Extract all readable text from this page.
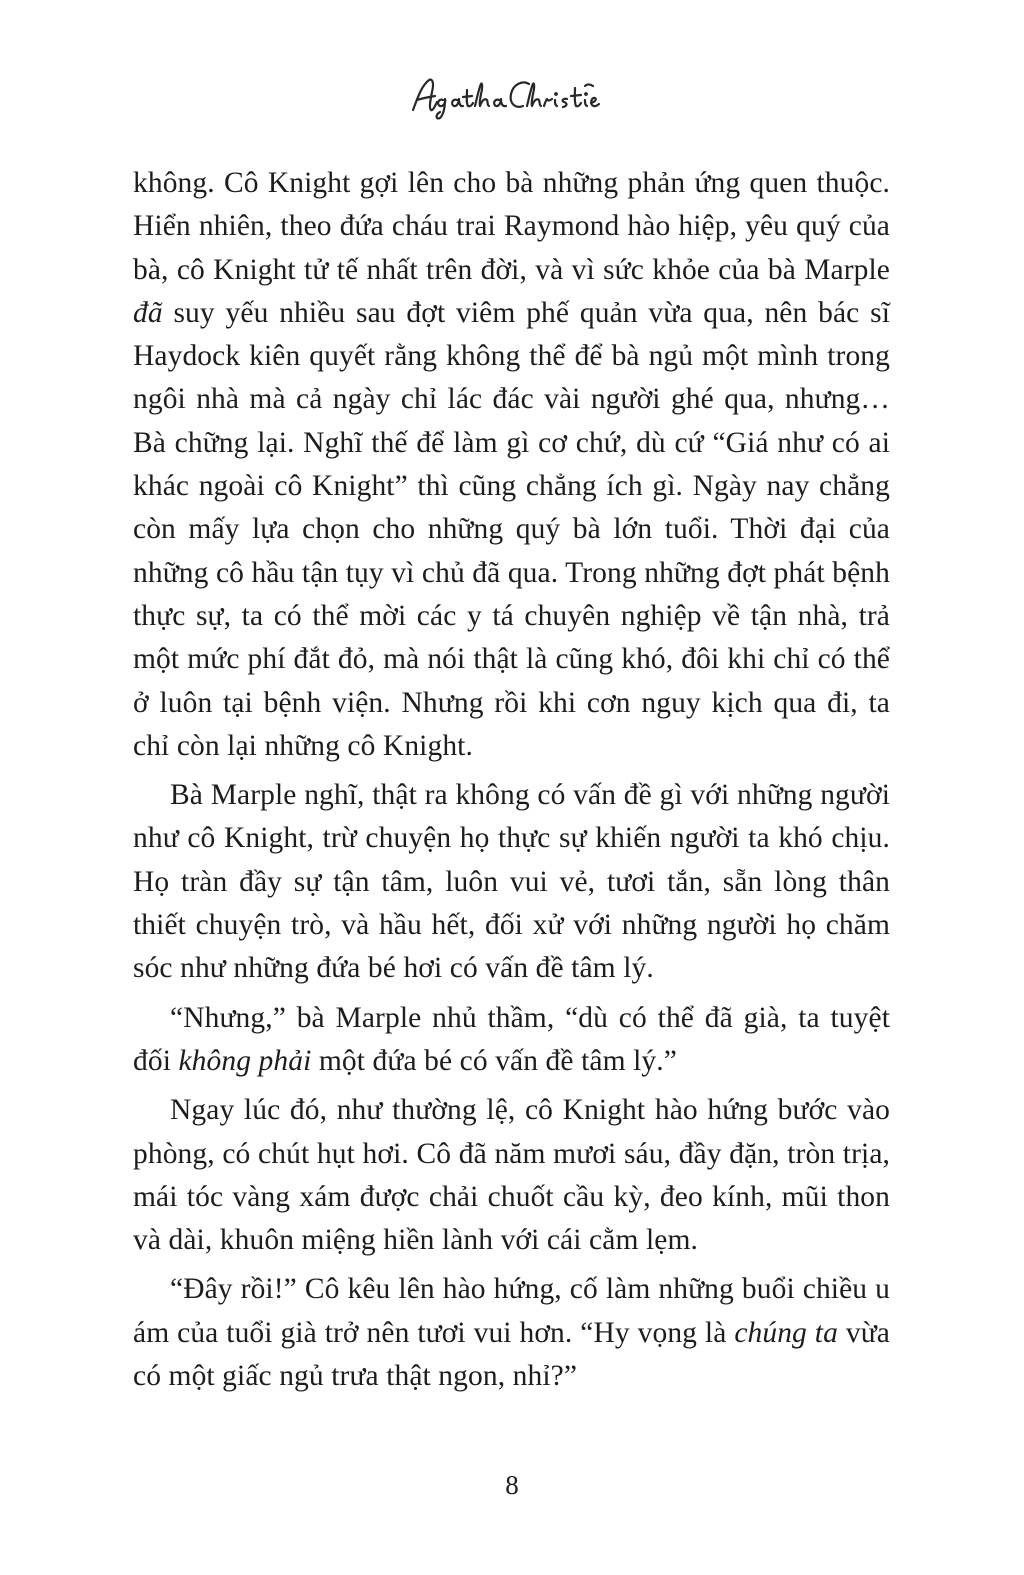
không. Cô Knight gợi lên cho bà những phản ứng quen thuộc. Hiển nhiên, theo đứa cháu trai Raymond hào hiệp, yêu quý của bà, cô Knight tử tế nhất trên đời, và vì sức khỏe của bà Marple đã suy yếu nhiều sau đợt viêm phế quản vừa qua, nên bác sĩ Haydock kiên quyết rằng không thể để bà ngủ một mình trong ngôi nhà mà cả ngày chỉ lác đác vài người ghé qua, nhưng… Bà chững lại. Nghĩ thế để làm gì cơ chứ, dù cứ “Giá như có ai khác ngoài cô Knight” thì cũng chẳng ích gì. Ngày nay chẳng còn mấy lựa chọn cho những quý bà lớn tuổi. Thời đại của những cô hầu tận tụy vì chủ đã qua. Trong những đợt phát bệnh thực sự, ta có thể mời các y tá chuyên nghiệp về tận nhà, trả một mức phí đắt đỏ, mà nói thật là cũng khó, đôi khi chỉ có thể ở luôn tại bệnh viện. Nhưng rồi khi cơn nguy kịch qua đi, ta chỉ còn lại những cô Knight.

Bà Marple nghĩ, thật ra không có vấn đề gì với những người như cô Knight, trừ chuyện họ thực sự khiến người ta khó chịu. Họ tràn đầy sự tận tâm, luôn vui vẻ, tươi tắn, sẵn lòng thân thiết chuyện trò, và hầu hết, đối xử với những người họ chăm sóc như những đứa bé hơi có vấn đề tâm lý.

“Nhưng,” bà Marple nhủ thầm, “dù có thể đã già, ta tuyệt đối không phải một đứa bé có vấn đề tâm lý.”

Ngay lúc đó, như thường lệ, cô Knight hào hứng bước vào phòng, có chút hụt hơi. Cô đã năm mươi sáu, đầy đặn, tròn trịa, mái tóc vàng xám được chải chuốt cầu kỳ, đeo kính, mũi thon và dài, khuôn miệng hiền lành với cái cằm lẹm.

“Đây rồi!” Cô kêu lên hào hứng, cố làm những buổi chiều u ám của tuổi già trở nên tươi vui hơn. “Hy vọng là chúng ta vừa có một giấc ngủ trưa thật ngon, nhỉ?”

8
